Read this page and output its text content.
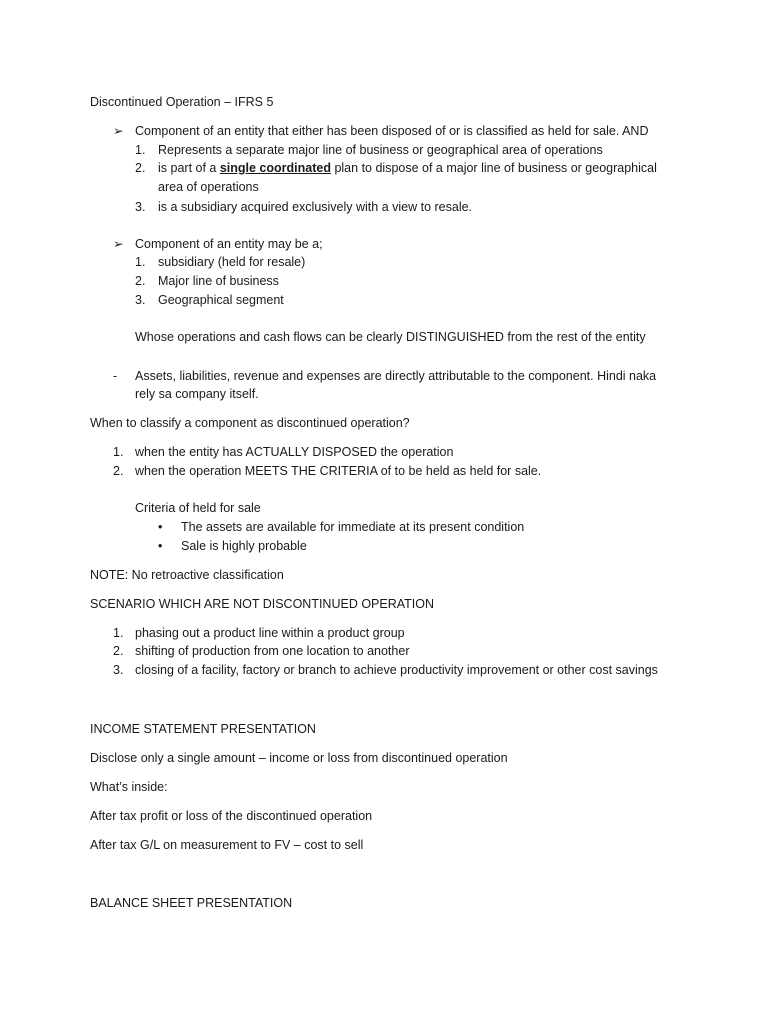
Discontinued Operation – IFRS 5
➢ Component of an entity that either has been disposed of or is classified as held for sale. AND
1. Represents a separate major line of business or geographical area of operations
2. is part of a single coordinated plan to dispose of a major line of business or geographical
area of operations
3. is a subsidiary acquired exclusively with a view to resale.
➢ Component of an entity may be a;
1. subsidiary (held for resale)
2. Major line of business
3. Geographical segment
Whose operations and cash flows can be clearly DISTINGUISHED from the rest of the entity
- Assets, liabilities, revenue and expenses are directly attributable to the component. Hindi naka
rely sa company itself.
When to classify a component as discontinued operation?
1. when the entity has ACTUALLY DISPOSED the operation
2. when the operation MEETS THE CRITERIA of to be held as held for sale.
Criteria of held for sale
• The assets are available for immediate at its present condition
• Sale is highly probable
NOTE: No retroactive classification
SCENARIO WHICH ARE NOT DISCONTINUED OPERATION
1. phasing out a product line within a product group
2. shifting of production from one location to another
3. closing of a facility, factory or branch to achieve productivity improvement or other cost savings
INCOME STATEMENT PRESENTATION
Disclose only a single amount – income or loss from discontinued operation
What’s inside:
After tax profit or loss of the discontinued operation
After tax G/L on measurement to FV – cost to sell
BALANCE SHEET PRESENTATION
